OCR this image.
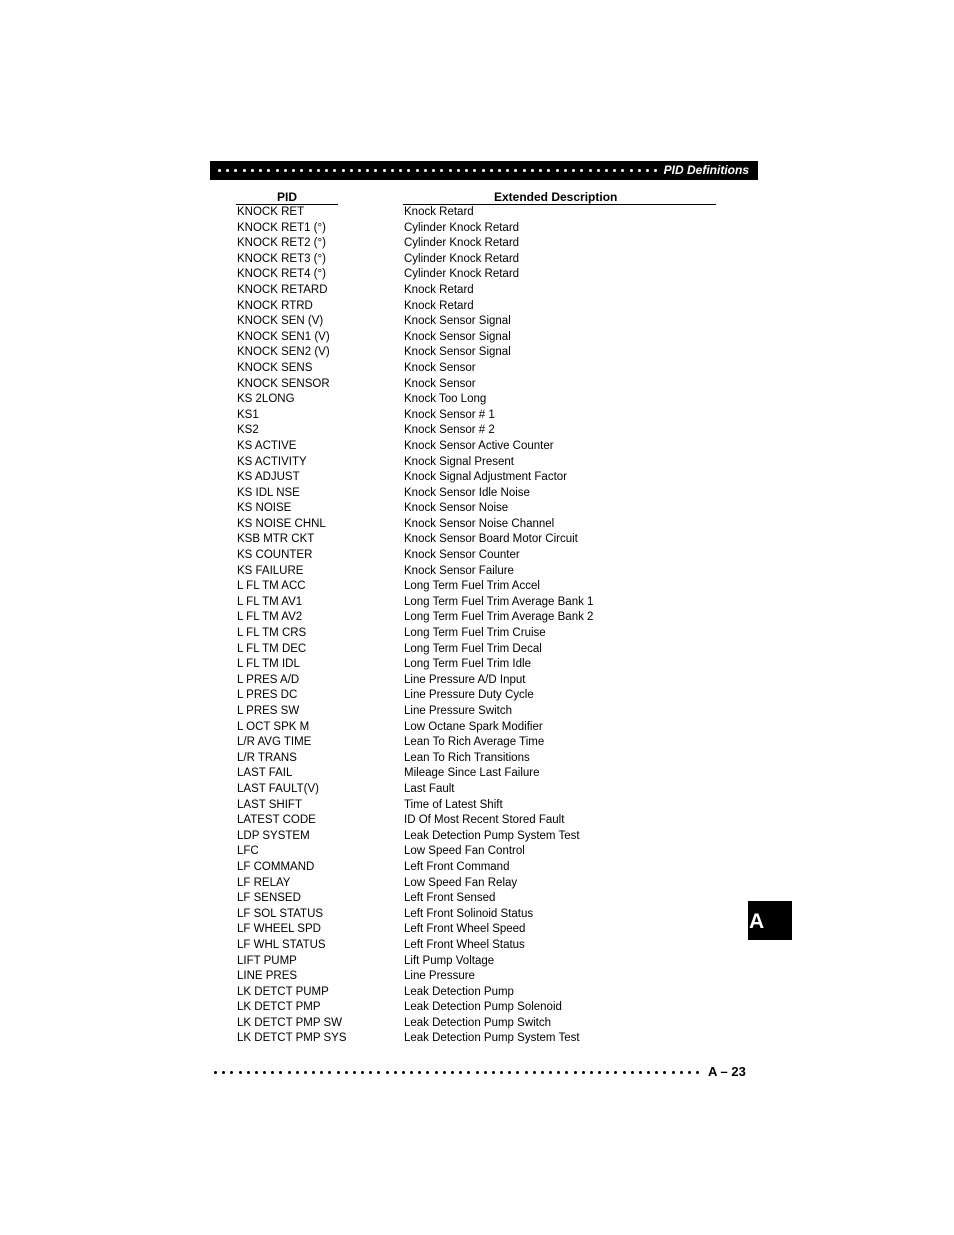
PID Definitions
PID	Extended Description
KNOCK RET	Knock Retard
KNOCK RET1 (°)	Cylinder Knock Retard
KNOCK RET2 (°)	Cylinder Knock Retard
KNOCK RET3 (°)	Cylinder Knock Retard
KNOCK RET4 (°)	Cylinder Knock Retard
KNOCK RETARD	Knock Retard
KNOCK RTRD	Knock Retard
KNOCK SEN (V)	Knock Sensor Signal
KNOCK SEN1 (V)	Knock Sensor Signal
KNOCK SEN2 (V)	Knock Sensor Signal
KNOCK SENS	Knock Sensor
KNOCK SENSOR	Knock Sensor
KS 2LONG	Knock Too Long
KS1	Knock Sensor # 1
KS2	Knock Sensor # 2
KS ACTIVE	Knock Sensor Active Counter
KS ACTIVITY	Knock Signal Present
KS ADJUST	Knock Signal Adjustment Factor
KS IDL NSE	Knock Sensor Idle Noise
KS NOISE	Knock Sensor Noise
KS NOISE CHNL	Knock Sensor Noise Channel
KSB MTR CKT	Knock Sensor Board Motor Circuit
KS COUNTER	Knock Sensor Counter
KS FAILURE	Knock Sensor Failure
L FL TM ACC	Long Term Fuel Trim Accel
L FL TM AV1	Long Term Fuel Trim Average Bank 1
L FL TM AV2	Long Term Fuel Trim Average Bank 2
L FL TM CRS	Long Term Fuel Trim Cruise
L FL TM DEC	Long Term Fuel Trim Decal
L FL TM IDL	Long Term Fuel Trim Idle
L PRES A/D	Line Pressure A/D Input
L PRES DC	Line Pressure Duty Cycle
L PRES SW	Line Pressure Switch
L OCT SPK M	Low Octane Spark Modifier
L/R AVG TIME	Lean To Rich Average Time
L/R TRANS	Lean To Rich Transitions
LAST FAIL	Mileage Since Last Failure
LAST FAULT(V)	Last Fault
LAST SHIFT	Time of Latest Shift
LATEST CODE	ID Of Most Recent Stored Fault
LDP SYSTEM	Leak Detection Pump System Test
LFC	Low Speed Fan Control
LF COMMAND	Left Front Command
LF RELAY	Low Speed Fan Relay
LF SENSED	Left Front Sensed
LF SOL STATUS	Left Front Solinoid Status
LF WHEEL SPD	Left Front Wheel Speed
LF WHL STATUS	Left Front Wheel Status
LIFT PUMP	Lift Pump Voltage
LINE PRES	Line Pressure
LK DETCT PUMP	Leak Detection Pump
LK DETCT PMP	Leak Detection Pump Solenoid
LK DETCT PMP SW	Leak Detection Pump Switch
LK DETCT PMP SYS	Leak Detection Pump System Test
A
A – 23
